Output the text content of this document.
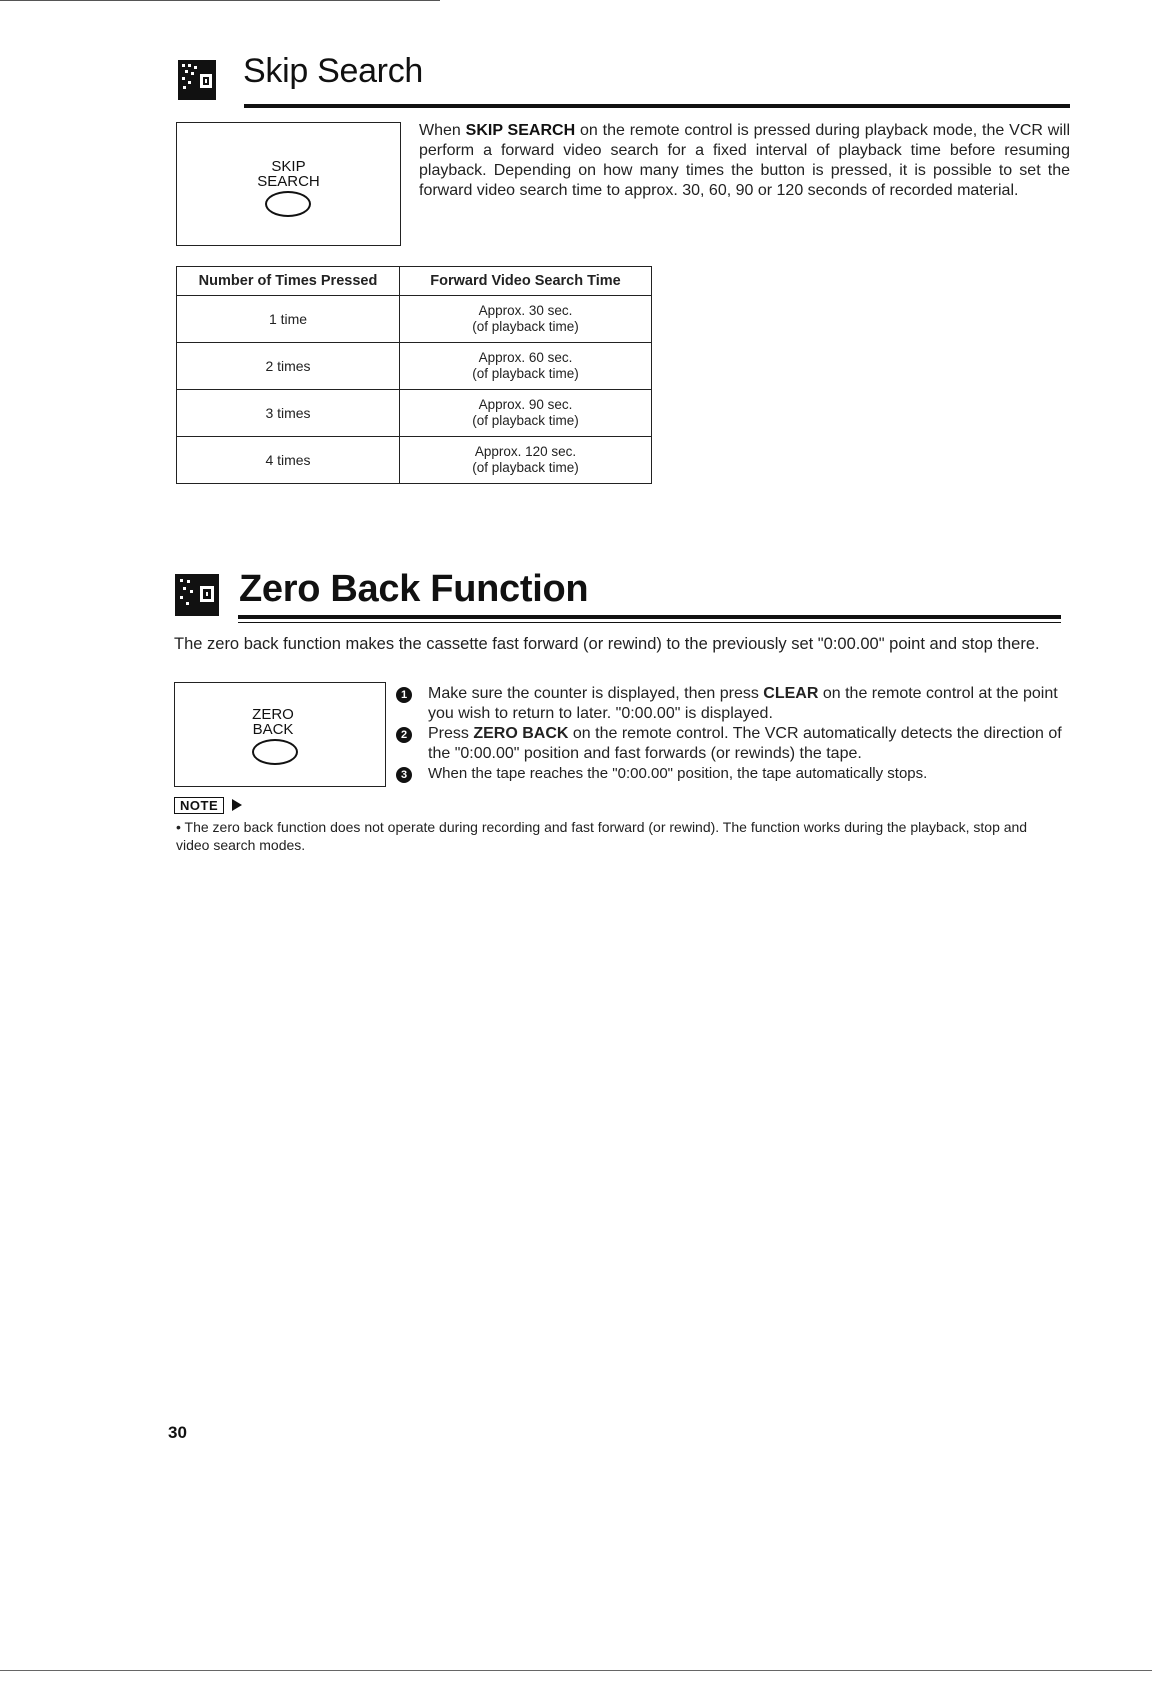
Skip Search
SKIP
SEARCH
When SKIP SEARCH on the remote control is pressed during playback mode, the VCR will perform a forward video search for a fixed interval of playback time before resuming playback. Depending on how many times the button is pressed, it is possible to set the forward video search time to approx. 30, 60, 90 or 120 seconds of recorded material.
Number of Times Pressed	Forward Video Search Time
1 time	Approx. 30 sec.
(of playback time)

2 times	Approx. 60 sec.
(of playback time)

3 times	Approx. 90 sec.
(of playback time)

4 times	Approx. 120 sec.
(of playback time)
Zero Back Function
The zero back function makes the cassette fast forward (or rewind) to the previously set "0:00.00" point and stop there.
ZERO
BACK
1	Make sure the counter is displayed, then press CLEAR on the remote control at the point you wish to return to later. "0:00.00" is displayed.
2	Press ZERO BACK on the remote control. The VCR automatically detects the direction of the "0:00.00" position and fast forwards (or rewinds) the tape.
3	When the tape reaches the "0:00.00" position, the tape automatically stops.
NOTE
• The zero back function does not operate during recording and fast forward (or rewind). The function works during the playback, stop and video search modes.
30
